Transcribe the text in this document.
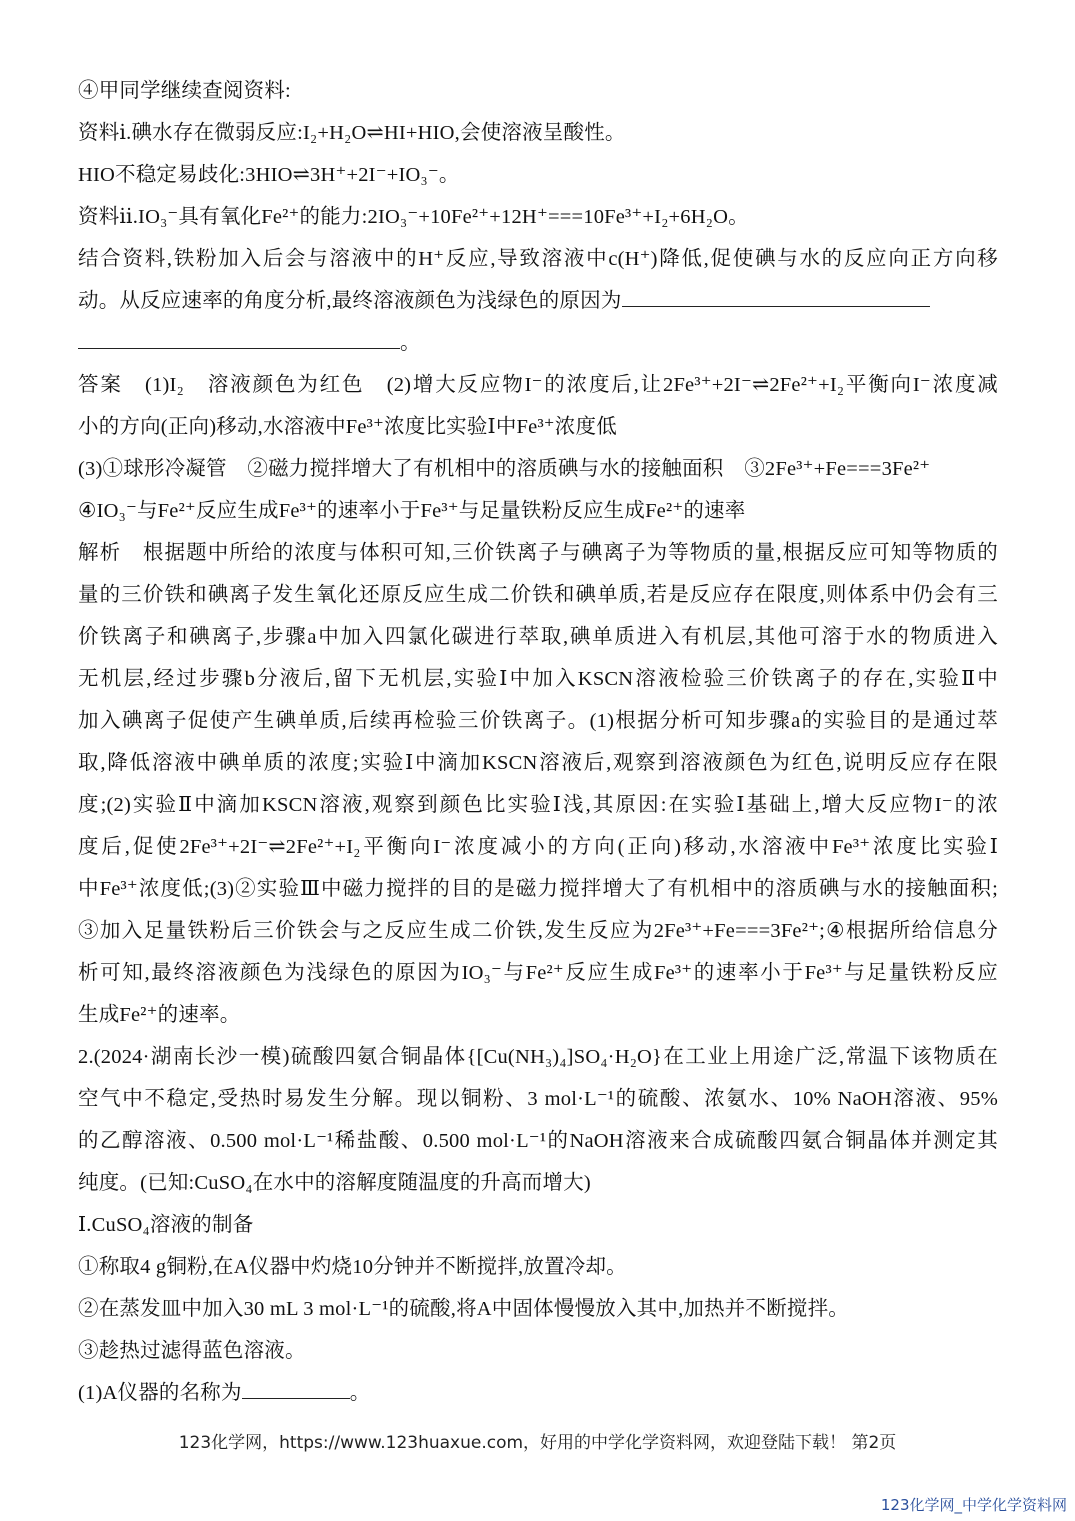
④甲同学继续查阅资料:
资料ⅰ.碘水存在微弱反应:I₂+H₂O⇌HI+HIO,会使溶液呈酸性。
HIO不稳定易歧化:3HIO⇌3H⁺+2I⁻+IO₃⁻。
资料ⅱ.IO₃⁻具有氧化Fe²⁺的能力:2IO₃⁻+10Fe²⁺+12H⁺===10Fe³⁺+I₂+6H₂O。
结合资料,铁粉加入后会与溶液中的H⁺反应,导致溶液中c(H⁺)降低,促使碘与水的反应向正方向移
动。从反应速率的角度分析,最终溶液颜色为浅绿色的原因为
。
答案　(1)I₂　溶液颜色为红色　(2)增大反应物I⁻的浓度后,让2Fe³⁺+2I⁻⇌2Fe²⁺+I₂平衡向I⁻浓度减
小的方向(正向)移动,水溶液中Fe³⁺浓度比实验Ⅰ中Fe³⁺浓度低
(3)①球形冷凝管　②磁力搅拌增大了有机相中的溶质碘与水的接触面积　③2Fe³⁺+Fe===3Fe²⁺
④IO₃⁻与Fe²⁺反应生成Fe³⁺的速率小于Fe³⁺与足量铁粉反应生成Fe²⁺的速率
解析　根据题中所给的浓度与体积可知,三价铁离子与碘离子为等物质的量,根据反应可知等物质的
量的三价铁和碘离子发生氧化还原反应生成二价铁和碘单质,若是反应存在限度,则体系中仍会有三
价铁离子和碘离子,步骤a中加入四氯化碳进行萃取,碘单质进入有机层,其他可溶于水的物质进入
无机层,经过步骤b分液后,留下无机层,实验Ⅰ中加入KSCN溶液检验三价铁离子的存在,实验Ⅱ中
加入碘离子促使产生碘单质,后续再检验三价铁离子。(1)根据分析可知步骤a的实验目的是通过萃
取,降低溶液中碘单质的浓度;实验Ⅰ中滴加KSCN溶液后,观察到溶液颜色为红色,说明反应存在限
度;(2)实验Ⅱ中滴加KSCN溶液,观察到颜色比实验Ⅰ浅,其原因:在实验Ⅰ基础上,增大反应物I⁻的浓
度后,促使2Fe³⁺+2I⁻⇌2Fe²⁺+I₂平衡向I⁻浓度减小的方向(正向)移动,水溶液中Fe³⁺浓度比实验Ⅰ
中Fe³⁺浓度低;(3)②实验Ⅲ中磁力搅拌的目的是磁力搅拌增大了有机相中的溶质碘与水的接触面积;
③加入足量铁粉后三价铁会与之反应生成二价铁,发生反应为2Fe³⁺+Fe===3Fe²⁺;④根据所给信息分
析可知,最终溶液颜色为浅绿色的原因为IO₃⁻与Fe²⁺反应生成Fe³⁺的速率小于Fe³⁺与足量铁粉反应
生成Fe²⁺的速率。
2.(2024·湖南长沙一模)硫酸四氨合铜晶体{[Cu(NH₃)₄]SO₄·H₂O}在工业上用途广泛,常温下该物质在
空气中不稳定,受热时易发生分解。现以铜粉、3 mol·L⁻¹的硫酸、浓氨水、10% NaOH溶液、95%
的乙醇溶液、0.500 mol·L⁻¹稀盐酸、0.500 mol·L⁻¹的NaOH溶液来合成硫酸四氨合铜晶体并测定其
纯度。(已知:CuSO₄在水中的溶解度随温度的升高而增大)
Ⅰ.CuSO₄溶液的制备
①称取4 g铜粉,在A仪器中灼烧10分钟并不断搅拌,放置冷却。
②在蒸发皿中加入30 mL 3 mol·L⁻¹的硫酸,将A中固体慢慢放入其中,加热并不断搅拌。
③趁热过滤得蓝色溶液。
(1)A仪器的名称为	。
123化学网，https://www.123huaxue.com，好用的中学化学资料网，欢迎登陆下载！ 第2页
123化学网_中学化学资料网
